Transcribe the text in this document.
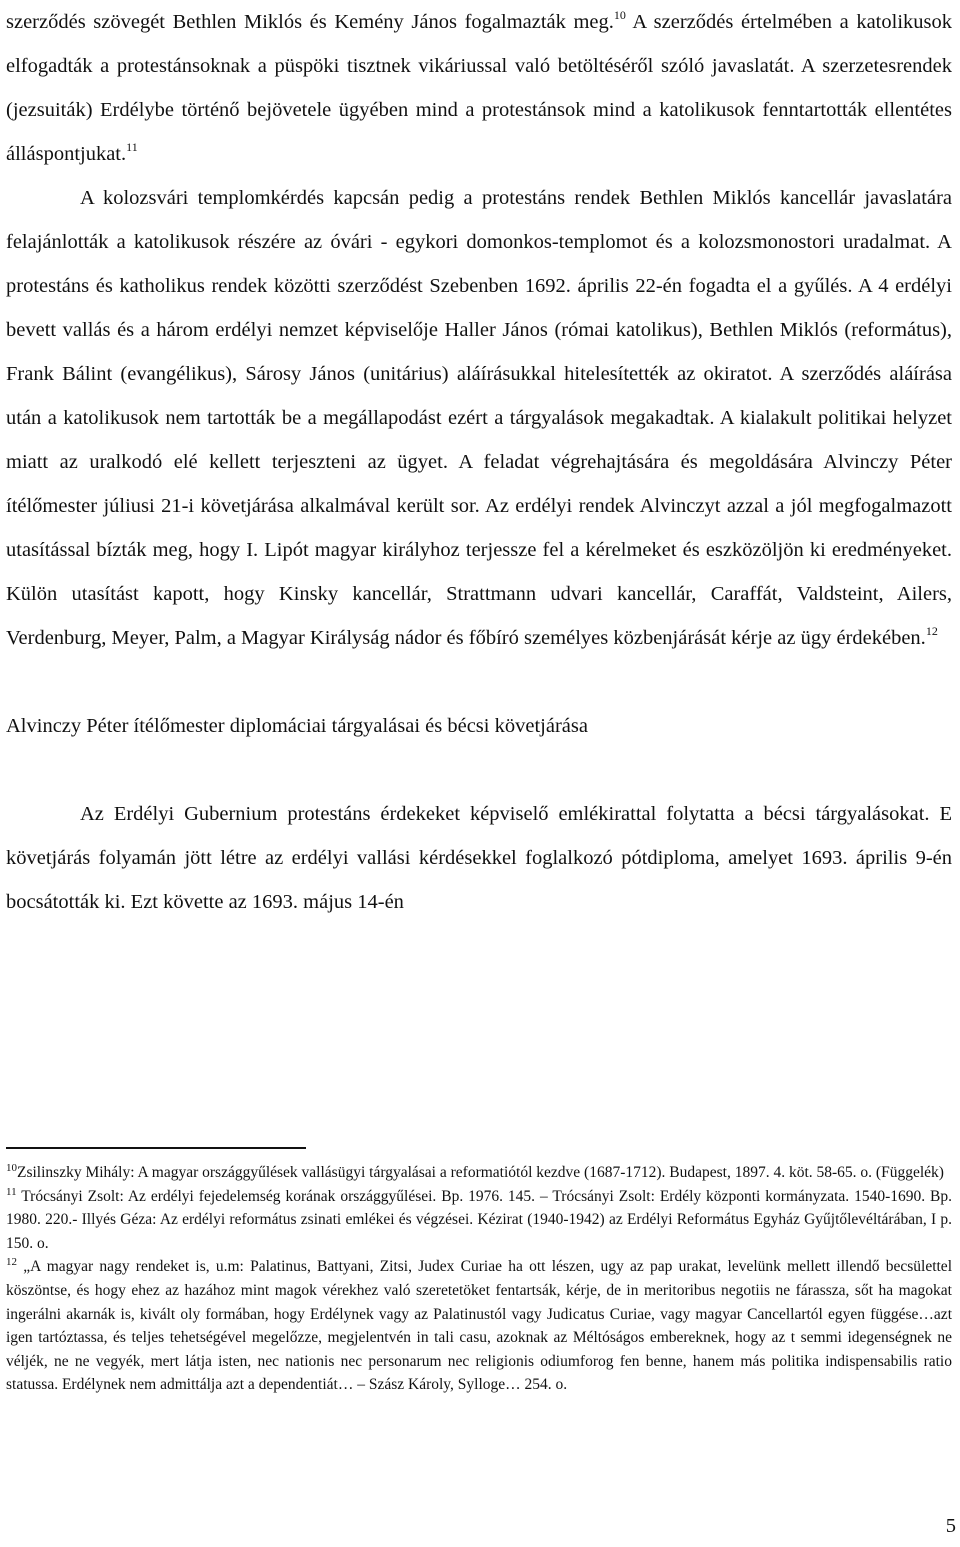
szerződés szövegét Bethlen Miklós és Kemény János fogalmazták meg.$^{10}$ A szerződés értelmében a katolikusok elfogadták a protestánsoknak a püspöki tisztnek vikáriussal való betöltéséről szóló javaslatát. A szerzetesrendek (jezsuiták) Erdélybe történő bejövetele ügyében mind a protestánsok mind a katolikusok fenntartották ellentétes álláspontjukat.$^{11}$

A kolozsvári templomkérdés kapcsán pedig a protestáns rendek Bethlen Miklós kancellár javaslatára felajánlották a katolikusok részére az óvári - egykori domonkos-templomot és a kolozsmonostori uradalmat. A protestáns és katholikus rendek közötti szerződést Szebenben 1692. április 22-én fogadta el a gyűlés. A 4 erdélyi bevett vallás és a három erdélyi nemzet képviselője Haller János (római katolikus), Bethlen Miklós (református), Frank Bálint (evangélikus), Sárosy János (unitárius) aláírásukkal hitelesítették az okiratot. A szerződés aláírása után a katolikusok nem tartották be a megállapodást ezért a tárgyalások megakadtak. A kialakult politikai helyzet miatt az uralkodó elé kellett terjeszteni az ügyet. A feladat végrehajtására és megoldására Alvinczy Péter ítélőmester júliusi 21-i követjárása alkalmával került sor. Az erdélyi rendek Alvinczyt azzal a jól megfogalmazott utasítással bízták meg, hogy I. Lipót magyar királyhoz terjessze fel a kérelmeket és eszközöljön ki eredményeket. Külön utasítást kapott, hogy Kinsky kancellár, Strattmann udvari kancellár, Caraffát, Valdsteint, Ailers, Verdenburg, Meyer, Palm, a Magyar Királyság nádor és főbíró személyes közbenjárását kérje az ügy érdekében.$^{12}$

Alvinczy Péter ítélőmester diplomáciai tárgyalásai és bécsi követjárása

Az Erdélyi Gubernium protestáns érdekeket képviselő emlékirattal folytatta a bécsi tárgyalásokat. E követjárás folyamán jött létre az erdélyi vallási kérdésekkel foglalkozó pótdiploma, amelyet 1693. április 9-én bocsátották ki. Ezt követte az 1693. május 14-én

$^{10}$Zsilinszky Mihály: A magyar országgyűlések vallásügyi tárgyalásai a reformatiótól kezdve (1687-1712). Budapest, 1897. 4. köt. 58-65. o. (Függelék)

$^{11}$ Trócsányi Zsolt: Az erdélyi fejedelemség korának országgyűlései. Bp. 1976. 145. – Trócsányi Zsolt: Erdély központi kormányzata. 1540-1690. Bp. 1980. 220.- Illyés Géza: Az erdélyi református zsinati emlékei és végzései. Kézirat (1940-1942) az Erdélyi Református Egyház Gyűjtőlevéltárában, I p. 150. o.

$^{12}$ „A magyar nagy rendeket is, u.m: Palatinus, Battyani, Zitsi, Judex Curiae ha ott lészen, ugy az pap urakat, levelünk mellett illendő becsülettel köszöntse, és hogy ehez az hazához mint magok vérekhez való szeretetöket fentartsák, kérje, de in meritoribus negotiis ne fárassza, sőt ha magokat ingerálni akarnák is, kivált oly formában, hogy Erdélynek vagy az Palatinustól vagy Judicatus Curiae, vagy magyar Cancellartól egyen függése…azt igen tartóztassa, és teljes tehetségével megelőzze, megjelentvén in tali casu, azoknak az Méltóságos embereknek, hogy az t semmi idegenségnek ne véljék, ne ne vegyék, mert látja isten, nec nationis nec personarum nec religionis odiumforog fen benne, hanem más politika indispensabilis ratio statussa. Erdélynek nem admittálja azt a dependentiát… – Szász Károly, Sylloge… 254. o.

5
